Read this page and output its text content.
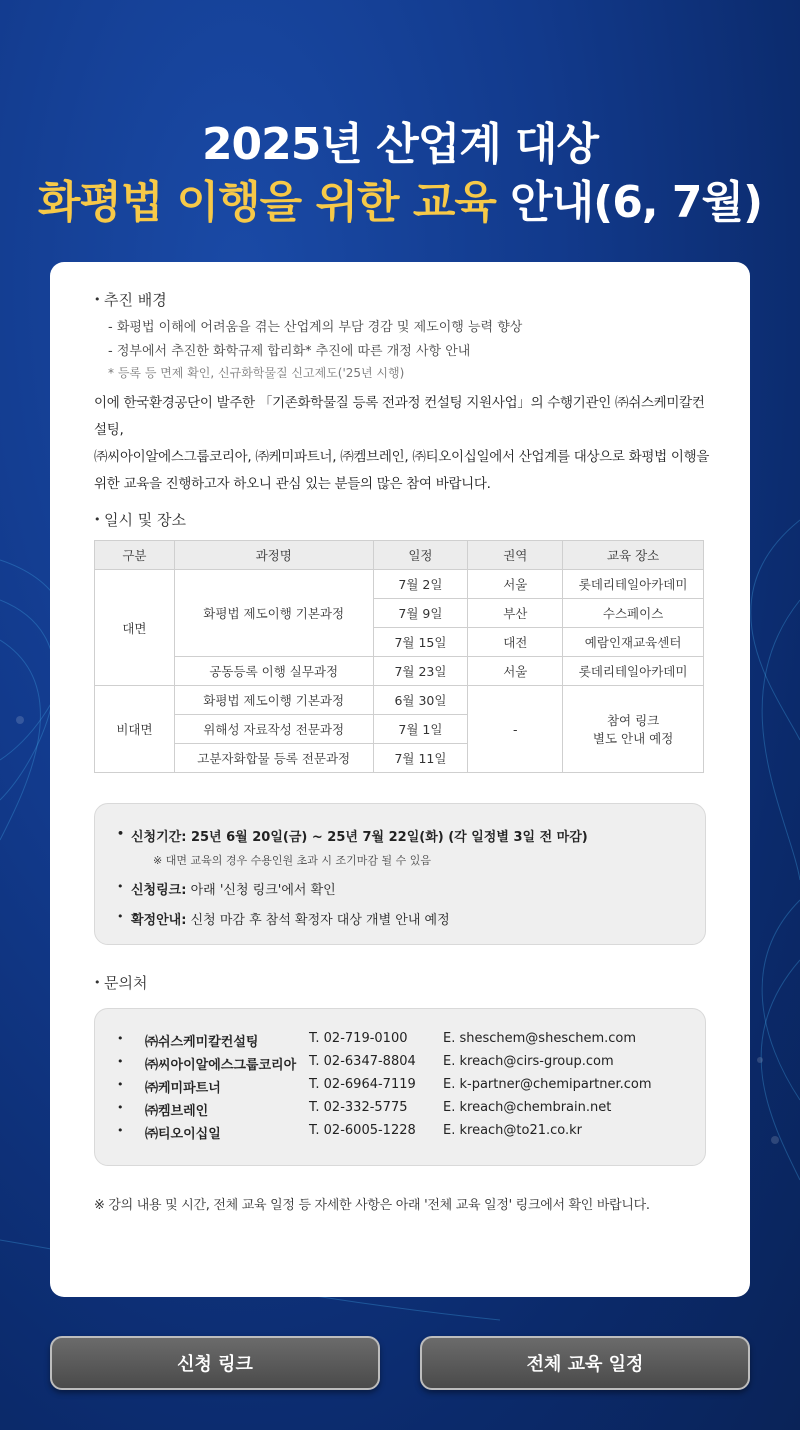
2025년 산업계 대상
화평법 이행을 위한 교육 안내(6, 7월)
• 추진 배경
- 화평법 이해에 어려움을 겪는 산업계의 부담 경감 및 제도이행 능력 향상
- 정부에서 추진한 화학규제 합리화* 추진에 따른 개정 사항 안내
* 등록 등 면제 확인, 신규화학물질 신고제도('25년 시행)
이에 한국환경공단이 발주한 「기존화학물질 등록 전과정 컨설팅 지원사업」의 수행기관인 ㈜쉬스케미칼컨설팅,
㈜씨아이알에스그룹코리아, ㈜케미파트너, ㈜켐브레인, ㈜티오이십일에서 산업계를 대상으로 화평법 이행을
위한 교육을 진행하고자 하오니 관심 있는 분들의 많은 참여 바랍니다.
• 일시 및 장소
구분	과정명	일정	권역	교육 장소
대면	화평법 제도이행 기본과정	7월 2일	서울	롯데리테일아카데미
		7월 9일	부산	수스페이스
		7월 15일	대전	예람인재교육센터
	공동등록 이행 실무과정	7월 23일	서울	롯데리테일아카데미
비대면	화평법 제도이행 기본과정	6월 30일	-	참여 링크
별도 안내 예정

	위해성 자료작성 전문과정	7월 1일		
	고분자화합물 등록 전문과정	7월 11일		
• 신청기간: 25년 6월 20일(금) ~ 25년 7월 22일(화) (각 일정별 3일 전 마감)
※ 대면 교육의 경우 수용인원 초과 시 조기마감 될 수 있음
• 신청링크: 아래 '신청 링크'에서 확인
• 확정안내: 신청 마감 후 참석 확정자 대상 개별 안내 예정
• 문의처
• ㈜쉬스케미칼컨설팅	T. 02-719-0100	E. sheschem@sheschem.com
• ㈜씨아이알에스그룹코리아 T. 02-6347-8804 E. kreach@cirs-group.com
• ㈜케미파트너	T. 02-6964-7119 E. k-partner@chemipartner.com
• ㈜켐브레인	T. 02-332-5775	E. kreach@chembrain.net
• ㈜티오이십일	T. 02-6005-1228 E. kreach@to21.co.kr
※ 강의 내용 및 시간, 전체 교육 일정 등 자세한 사항은 아래 '전체 교육 일정' 링크에서 확인 바랍니다.
신청 링크	전체 교육 일정
